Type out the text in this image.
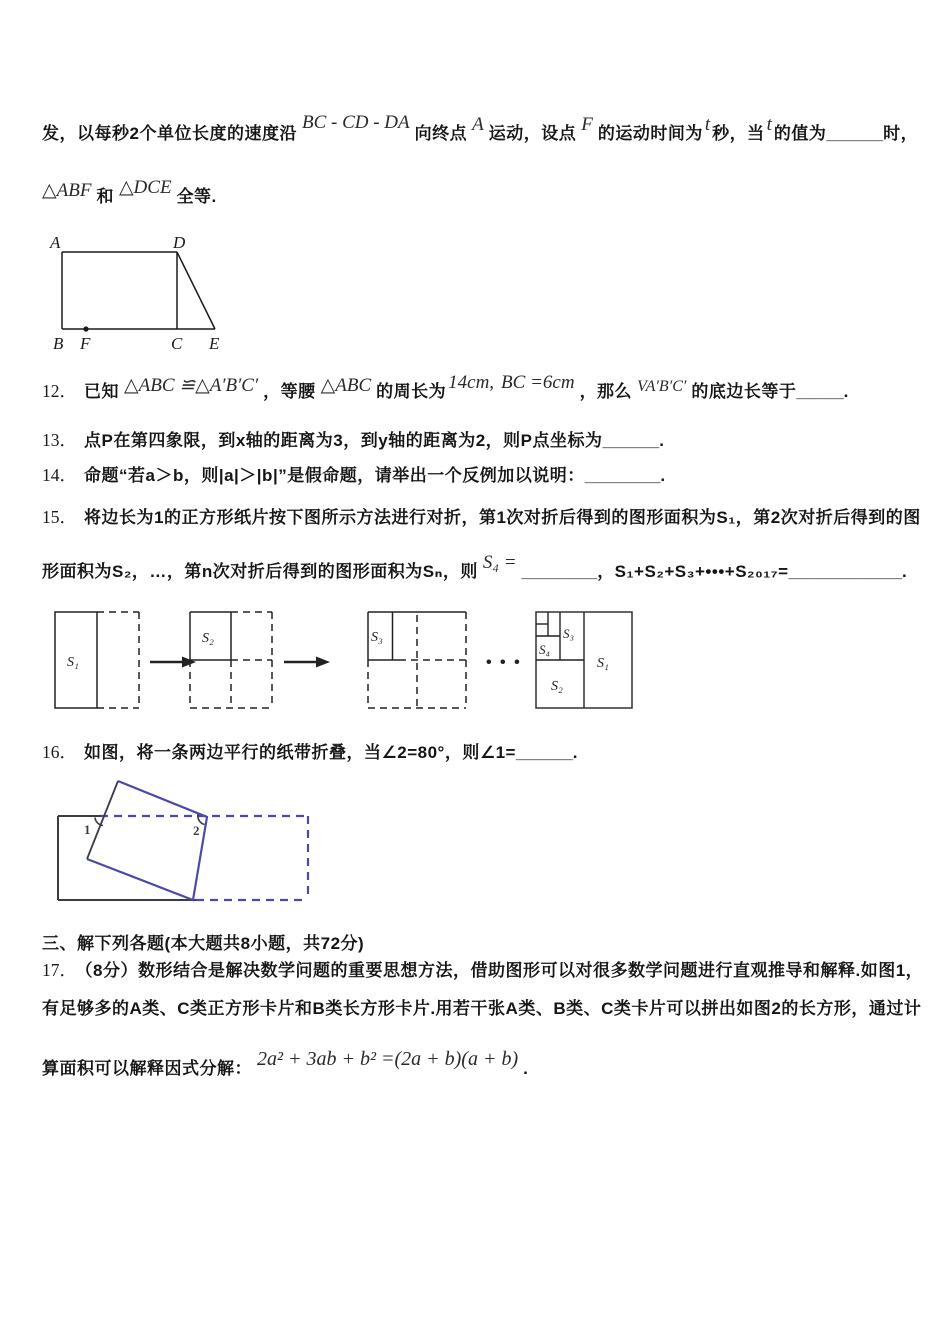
发，以每秒2个单位长度的速度沿BC - CD - DA向终点 A 运动，设点 F 的运动时间为 t 秒，当 t 的值为______时，
△ABF 和 △DCE 全等.
A	D
B F	C E
12． 已知 △ABC ≌△A′B′C′ ，等腰 △ABC 的周长为 14cm, BC =6cm ，那么 VA′B′C′ 的底边长等于_____.
13． 点P在第四象限，到x轴的距离为3，到y轴的距离为2，则P点坐标为______.
14． 命题“若a＞b，则|a|＞|b|”是假命题，请举出一个反例加以说明：________.
15． 将边长为1的正方形纸片按下图所示方法进行对折，第1次对折后得到的图形面积为S₁，第2次对折后得到的图
形面积为S₂，…，第n次对折后得到的图形面积为Sₙ，则 S₄ = ________，S₁+S₂+S₃+•••+S₂₀₁₇=____________.
S₁
S₂	S₃
• • •
S₃
S₄
S₂
S₁
16． 如图，将一条两边平行的纸带折叠，当∠2=80°，则∠1=______.
1	2
三、解下列各题(本大题共8小题，共72分)
17． （8分）数形结合是解决数学问题的重要思想方法，借助图形可以对很多数学问题进行直观推导和解释.如图1，
有足够多的A类、C类正方形卡片和B类长方形卡片.用若干张A类、B类、C类卡片可以拼出如图2的长方形，通过计
算面积可以解释因式分解： 2a² + 3ab + b² =(2a + b)(a + b) .
